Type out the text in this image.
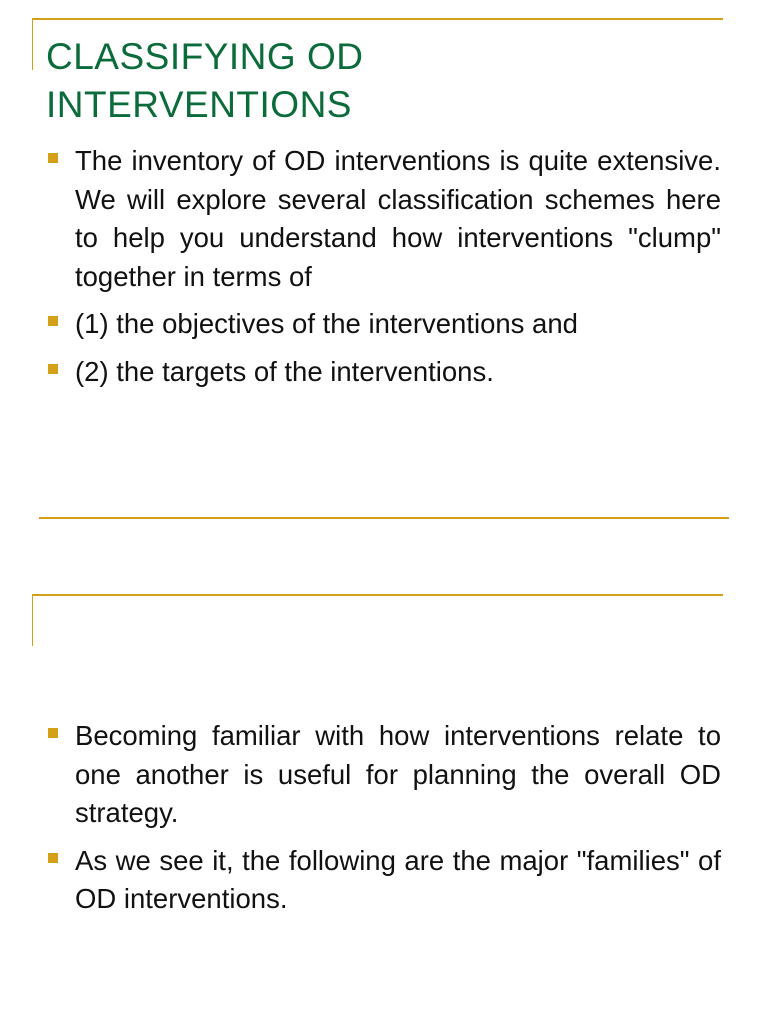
CLASSIFYING OD
INTERVENTIONS
The inventory of OD interventions is quite extensive. We will explore several classification schemes here to help you understand how interventions "clump" together in terms of
(1) the objectives of the interventions and
(2) the targets of the interventions.
Becoming familiar with how interventions relate to one another is useful for planning the overall OD strategy.
As we see it, the following are the major "families" of OD interventions.
